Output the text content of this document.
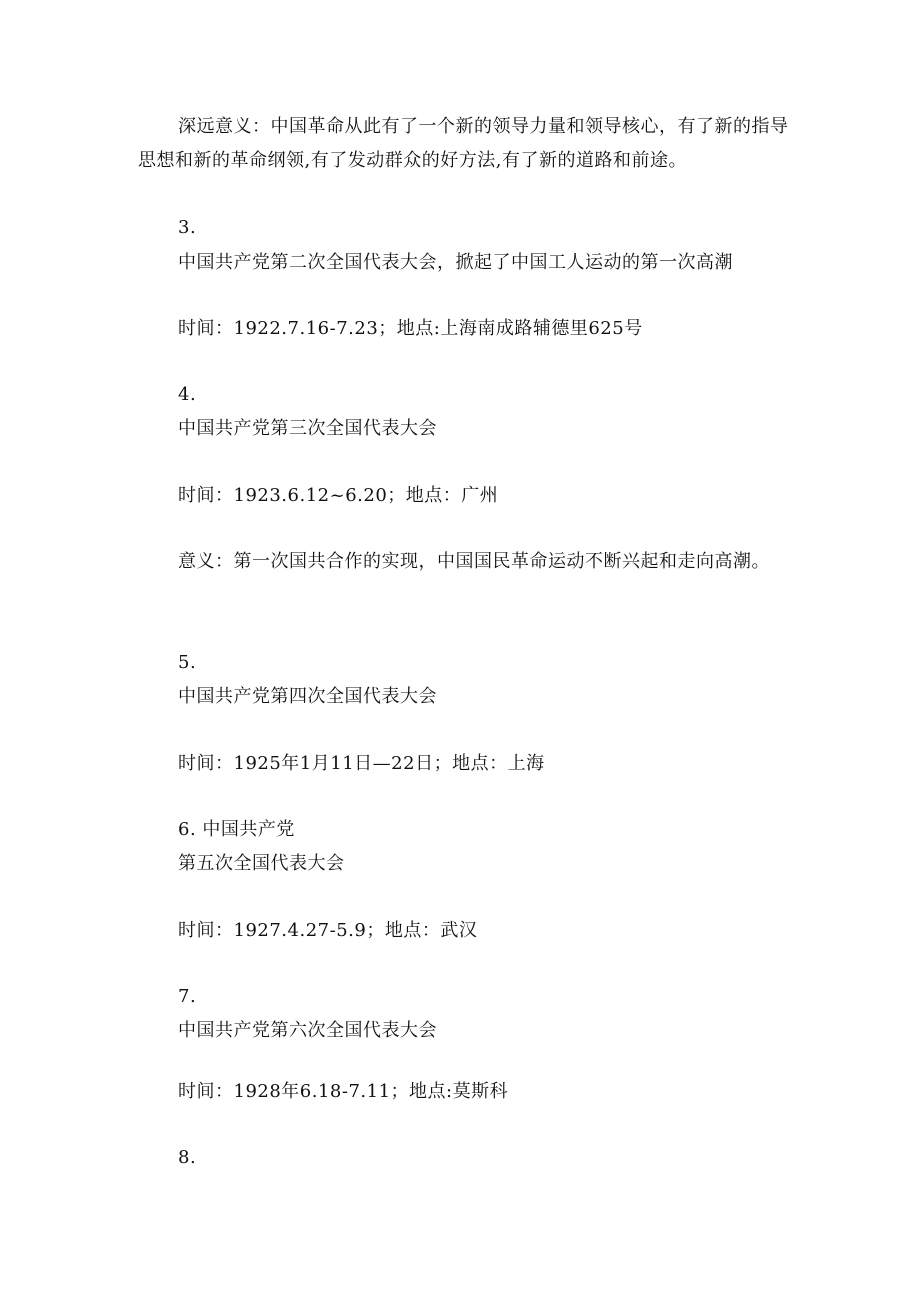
深远意义：中国革命从此有了一个新的领导力量和领导核心，有了新的指导思想和新的革命纲领,有了发动群众的好方法,有了新的道路和前途。

3.

中国共产党第二次全国代表大会，掀起了中国工人运动的第一次高潮

时间：1922.7.16-7.23；地点:上海南成路辅德里625号

4.

中国共产党第三次全国代表大会

时间：1923.6.12~6.20；地点：广州

意义：第一次国共合作的实现，中国国民革命运动不断兴起和走向高潮。

5.

中国共产党第四次全国代表大会

时间：1925年1月11日—22日；地点：上海

6. 中国共产党

第五次全国代表大会

时间：1927.4.27-5.9；地点：武汉

7.

中国共产党第六次全国代表大会

时间：1928年6.18-7.11；地点:莫斯科

8.
